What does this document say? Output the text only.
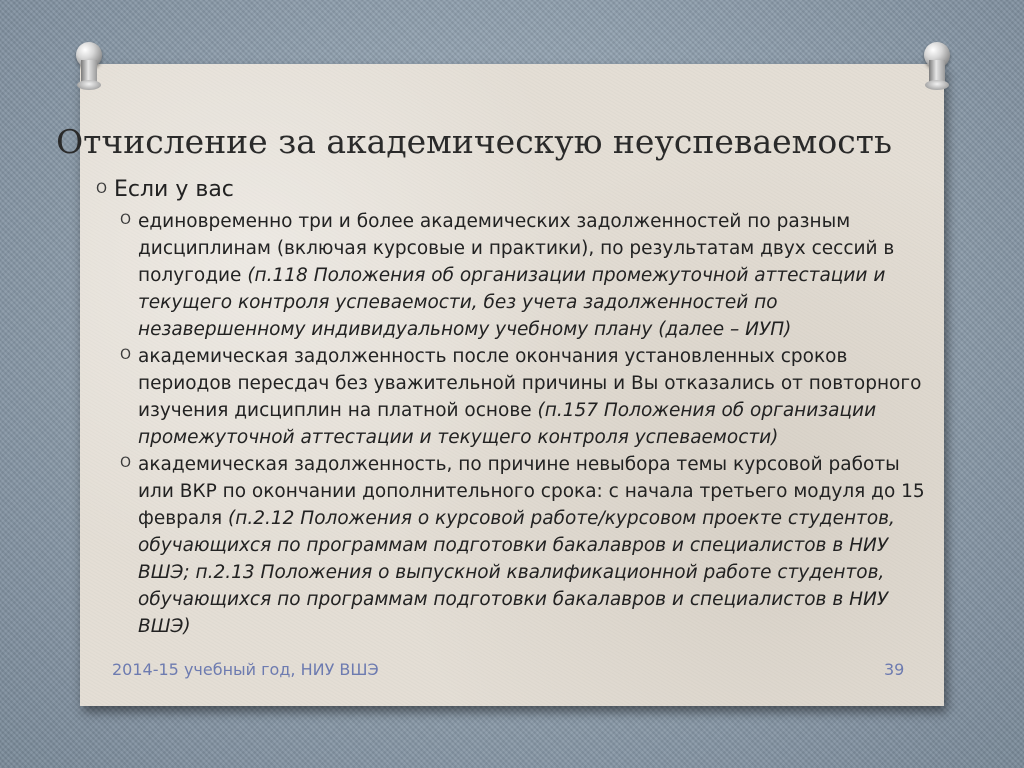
Отчисление за академическую неуспеваемость
O Если у вас
O единовременно три и более академических задолженностей по разным дисциплинам (включая курсовые и практики), по результатам двух сессий в полугодие (п.118 Положения об организации промежуточной аттестации и текущего контроля успеваемости, без учета задолженностей по незавершенному индивидуальному учебному плану (далее – ИУП)
O академическая задолженность после окончания установленных сроков периодов пересдач без уважительной причины и Вы отказались от повторного изучения дисциплин на платной основе (п.157 Положения об организации промежуточной аттестации и текущего контроля успеваемости)
O академическая задолженность, по причине невыбора темы курсовой работы или ВКР по окончании дополнительного срока: с начала третьего модуля до 15 февраля (п.2.12 Положения о курсовой работе/курсовом проекте студентов, обучающихся по программам подготовки бакалавров и специалистов в НИУ ВШЭ; п.2.13 Положения о выпускной квалификационной работе студентов, обучающихся по программам подготовки бакалавров и специалистов в НИУ ВШЭ)
2014-15 учебный год, НИУ ВШЭ	39
